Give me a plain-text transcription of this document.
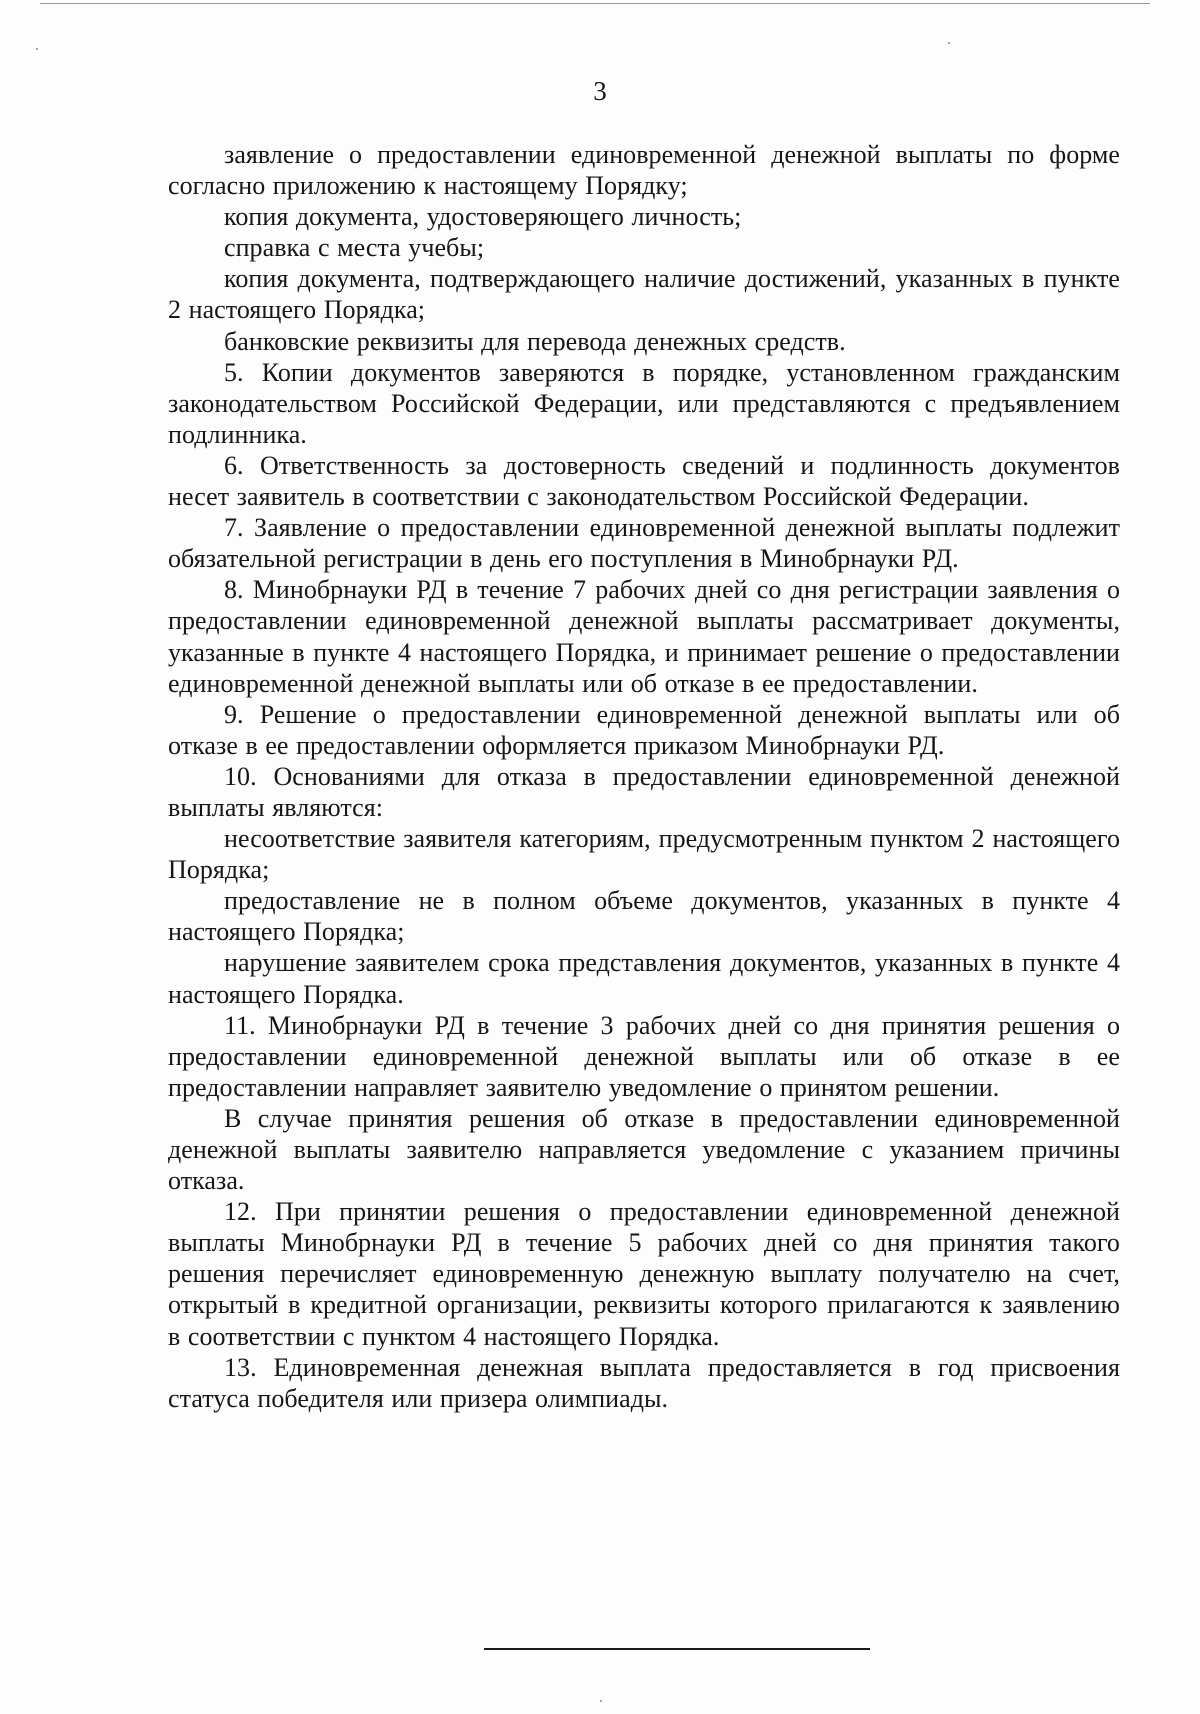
3

заявление о предоставлении единовременной денежной выплаты по форме согласно приложению к настоящему Порядку;

копия документа, удостоверяющего личность;

справка с места учебы;

копия документа, подтверждающего наличие достижений, указанных в пункте 2 настоящего Порядка;

банковские реквизиты для перевода денежных средств.

5. Копии документов заверяются в порядке, установленном гражданским законодательством Российской Федерации, или представляются с предъявлением подлинника.

6. Ответственность за достоверность сведений и подлинность документов несет заявитель в соответствии с законодательством Российской Федерации.

7. Заявление о предоставлении единовременной денежной выплаты подлежит обязательной регистрации в день его поступления в Минобрнауки РД.

8. Минобрнауки РД в течение 7 рабочих дней со дня регистрации заявления о предоставлении единовременной денежной выплаты рассматривает документы, указанные в пункте 4 настоящего Порядка, и принимает решение о предоставлении единовременной денежной выплаты или об отказе в ее предоставлении.

9. Решение о предоставлении единовременной денежной выплаты или об отказе в ее предоставлении оформляется приказом Минобрнауки РД.

10. Основаниями для отказа в предоставлении единовременной денежной выплаты являются:

несоответствие заявителя категориям, предусмотренным пунктом 2 настоящего Порядка;

предоставление не в полном объеме документов, указанных в пункте 4 настоящего Порядка;

нарушение заявителем срока представления документов, указанных в пункте 4 настоящего Порядка.

11. Минобрнауки РД в течение 3 рабочих дней со дня принятия решения о предоставлении единовременной денежной выплаты или об отказе в ее предоставлении направляет заявителю уведомление о принятом решении.

В случае принятия решения об отказе в предоставлении единовременной денежной выплаты заявителю направляется уведомление с указанием причины отказа.

12. При принятии решения о предоставлении единовременной денежной выплаты Минобрнауки РД в течение 5 рабочих дней со дня принятия такого решения перечисляет единовременную денежную выплату получателю на счет, открытый в кредитной организации, реквизиты которого прилагаются к заявлению в соответствии с пунктом 4 настоящего Порядка.

13. Единовременная денежная выплата предоставляется в год присвоения статуса победителя или призера олимпиады.
